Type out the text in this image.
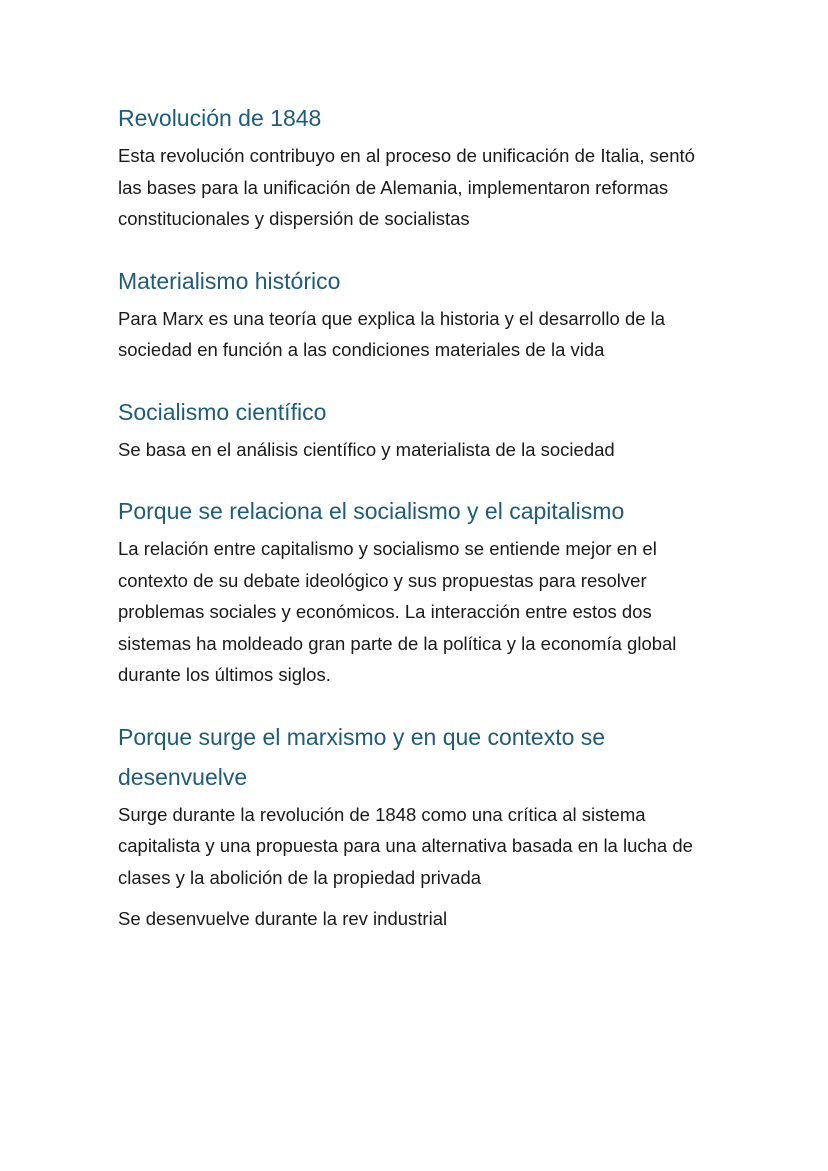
Revolución de 1848

Esta revolución contribuyo en al proceso de unificación de Italia, sentó las bases para la unificación de Alemania, implementaron reformas constitucionales y dispersión de socialistas

Materialismo histórico

Para Marx es una teoría que explica la historia y el desarrollo de la sociedad en función a las condiciones materiales de la vida

Socialismo científico

Se basa en el análisis científico y materialista de la sociedad

Porque se relaciona el socialismo y el capitalismo

La relación entre capitalismo y socialismo se entiende mejor en el contexto de su debate ideológico y sus propuestas para resolver problemas sociales y económicos. La interacción entre estos dos sistemas ha moldeado gran parte de la política y la economía global durante los últimos siglos.

Porque surge el marxismo y en que contexto se desenvuelve

Surge durante la revolución de 1848 como una crítica al sistema capitalista y una propuesta para una alternativa basada en la lucha de clases y la abolición de la propiedad privada

Se desenvuelve durante la rev industrial
